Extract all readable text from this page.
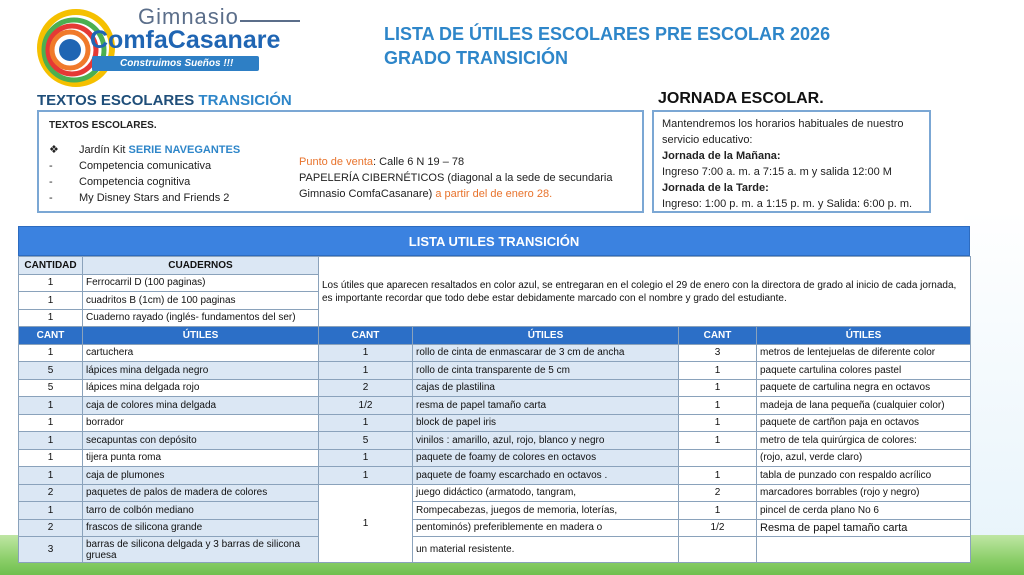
Gimnasio
ComfaCasanare
Construimos Sueños !!!
LISTA DE ÚTILES ESCOLARES PRE ESCOLAR 2026
GRADO TRANSICIÓN
TEXTOS ESCOLARES TRANSICIÓN	JORNADA ESCOLAR.
TEXTOS ESCOLARES.
❖ Jardín Kit SERIE NAVEGANTES
- Competencia comunicativa
- Competencia cognitiva
- My Disney Stars and Friends 2
Punto de venta: Calle 6 N 19 – 78
PAPELERÍA CIBERNÉTICOS (diagonal a la sede de secundaria
Gimnasio ComfaCasanare) a partir del de enero 28.
Mantendremos los horarios habituales de nuestro servicio educativo:
Jornada de la Mañana:
Ingreso 7:00 a. m. a 7:15 a. m y salida 12:00 M
Jornada de la Tarde:
Ingreso: 1:00 p. m. a 1:15 p. m. y Salida: 6:00 p. m.
LISTA UTILES TRANSICIÓN
CANTIDAD	CUADERNOS	Los útiles que aparecen resaltados en color azul, se entregaran en el colegio el 29 de enero con la directora de grado al inicio de cada jornada, es importante recordar que todo debe estar debidamente marcado con el nombre y grado del estudiante.			
1	Ferrocarril D (100 paginas)				
1	cuadritos B (1cm) de 100 paginas				
1	Cuaderno rayado (inglés- fundamentos del ser)				
CANT	ÚTILES	CANT	ÚTILES	CANT	ÚTILES
1	cartuchera	1	rollo de cinta de enmascarar de 3 cm de ancha	3	metros de lentejuelas de diferente color
5	lápices mina delgada negro	1	rollo de cinta transparente de 5 cm	1	paquete cartulina colores pastel
5	lápices mina delgada rojo	2	cajas de plastilina	1	paquete de cartulina negra en octavos
1	caja de colores mina delgada	1/2	resma de papel tamaño carta	1	madeja de lana pequeña (cualquier color)
1	borrador	1	block de papel iris	1	paquete de cartñon paja en octavos
1	secapuntas con depósito	5	vinilos : amarillo, azul, rojo, blanco y negro	1	metro de tela quirúrgica de colores:
1	tijera punta roma	1	paquete de foamy de colores en octavos		(rojo, azul, verde claro)
1	caja de plumones	1	paquete de foamy escarchado en octavos .	1	tabla de punzado con respaldo acrílico
2	paquetes de palos de madera de colores	1	juego didáctico (armatodo, tangram,	2	marcadores borrables (rojo y negro)
1	tarro de colbón mediano		Rompecabezas, juegos de memoria, loterías,	1	pincel de cerda plano No 6
2	frascos de silicona grande		pentominós) preferiblemente en madera o	1/2	Resma de papel tamaño carta
3	barras de silicona delgada y 3 barras de silicona gruesa		un material resistente.		
